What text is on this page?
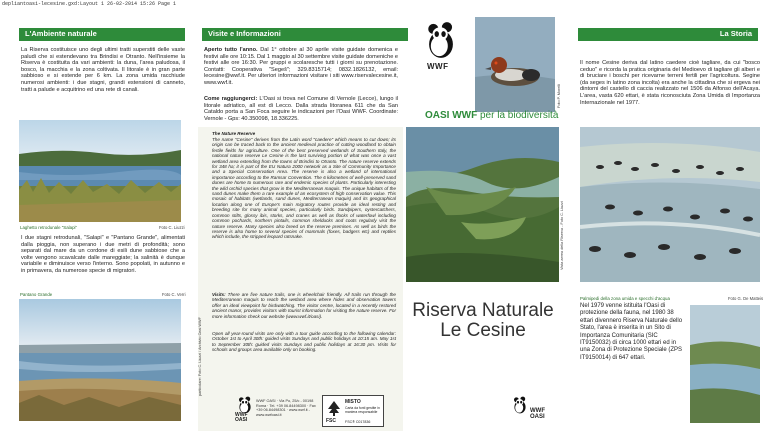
depliantoasi-lecesine.gxd:Layout 1 26-02-2014 15:26 Page 1
L'Ambiente naturale
La Riserva costituisce uno degli ultimi tratti superstiti delle vaste paludi che si estendevano tra Brindisi e Otranto. Nell'insieme la Riserva è costituita da vari ambienti: la duna, l'area paludosa, il bosco, la macchia e la zona coltivata. Il litorale è in gran parte sabbioso e si estende per 6 km. La zona umida racchiude numerosi ambienti: i due stagni, grandi estensioni di canneto, tratti a palude e acquitrino ed una rete di canali.
Laghetto retrodunale "Salapi"	Foto C. Liuzzi
I due stagni retrodunali, "Salapi" e "Pantano Grande", alimentati dalla pioggia, non superano i due metri di profondità; sono separati dal mare da un cordone di esili dune sabbiose che a volte vengono scavalcate dalle mareggiate; la salinità è dunque variabile e diminuisce verso l'interno. Sono popolati, in autunno e in primavera, da numerose specie di migratori.
Pantano Grande	Foto C. Verri
Visite e Informazioni
Aperto tutto l'anno. Dal 1° ottobre al 30 aprile visite guidate domenica e festivi alle ore 10:15. Dal 1 maggio al 30 settembre visite guidate domeniche e festivi alle ore 16:30. Per gruppi e scolaresche tutti i giorni su prenotazione. Contatti: Cooperativa "Segeš"; 329.8315714; 0832.1826132, email: lecesine@wwf.it. Per ulteriori informazioni visitare i siti www.riservalecesine.it, www.wwf.it.
Come raggiungerci: L'Oasi si trova nel Comune di Vernole (Lecce), lungo il litorale adriatico, all est di Lecco. Dalla strada litoranea 611 che da San Cataldo porta a San Foca seguire le indicazioni per l'Oasi WWF. Coordinate: Vernole - Gps: 40.350098, 18.336225.
The Nature Reserve
The name "Cesine" derives from the Latin word "caedere" which means to cut down; its origin can be traced back to the ancient medieval practice of cutting woodland to obtain fertile fields for agriculture. One of the best preserved wetlands of Southern Italy, the national nature reserve Le Cesine is the last surviving portion of what was once a vast wetland area extending from the towns of Brindisi to Otranto. The nature reserve extends for 348 ha; it is part of the EU Natura 2000 network as a Site of Community Importance and a Special Conservation Area. The reserve is also a wetland of international importance according to the Ramsar Convention. The 6 kilometres of well-preserved sand dunes are home to numerous rare and endemic species of plants. Particularly interesting the wild orchid species that grow in the Mediterranean maquis. The unique habitats of the sand dunes make them a rare example of an ecosystem of high conservation value. This mosaic of habitats (wetlands, sand dunes, Mediterranean maquis) and its geographical location along one of Europe's main migratory routes provide an ideal resting and breeding site for many animal species, particularly birds. Sandpipers, oystercatchers, common stilts, glossy ibis, storks, and cranes as well as flocks of waterfowl including common pochards, northern pintails, common shelducks and coots regularly visit the nature reserve. Many species also breed on the reserve premises. As well as birds the reserve is also home to several species of mammals (foxes, badgers etc) and reptiles which include, the stripped leopard ratsnake.
Visits: There are five nature trails, one is wheelchair friendly. All trails run through the Mediterranean maquis to reach the wetland area where hides and observation towers offer an ideal viewpoint for birdwatching. The visitor centre, located in a recently restored ancient manor, provides visitors with tourist information for visiting the nature reserve. For more information check our website (www.wwf.it/oasi).
Open all year-round visits are only with a tour guide according to the following calendar: October 1st to April 30th: guided visits Sundays and public holidays at 10:15 am. May 1st to September 30th: guided visits Sundays and public holidays at 16:30 pm. Visits for schools and groups area available only on booking.
particolare: Foto C. Liuzzi / Archivio Oasi WWF
WWF
OASI
WWF OASI · Via Po, 25/c - 00198 Roma · Tel. +39 06.84498300 · Fax +39 06.84498301 · www.wwf.it - www.wwfoasi.it
FSC
MISTO
Carta da fonti gestite in maniera responsabile
FSC® C017836
WWF
Foto P. Morelli
OASI WWF per la biodiversità
Vista aerea della Riserva - Foto C. Liuzzi
Riserva Naturale
Le Cesine
WWF
OASI
La Storia
Il nome Cesine deriva dal latino caedere cioè tagliare, da cui "bosco ceduo" e ricorda la pratica originaria del Medioevo di tagliare gli alberi e di bruciare i boschi per ricevarne terreni fertili per l'agricoltura. Segine (da seges in latino zona incolta) era anche la cittadina che si ergeva nei dintorni del castello di caccia realizzato nel 1506 da Alfonso dell'Acaya. L'area, vasta 620 ettari, è stata riconosciuta Zona Umida di Importanza Internazionale nel 1977.
Palmipedi della zona umida e specchi d'acqua	Foto G. De Matteis
Nel 1979 venne istituita l'Oasi di protezione della fauna, nel 1980 38 ettari divennero Riserva Naturale dello Stato, l'area è inserita in un Sito di Importanza Comunitaria (SIC IT9150032) di circa 1000 ettari ed in una Zona di Protezione Speciale (ZPS IT9150014) di 647 ettari.
